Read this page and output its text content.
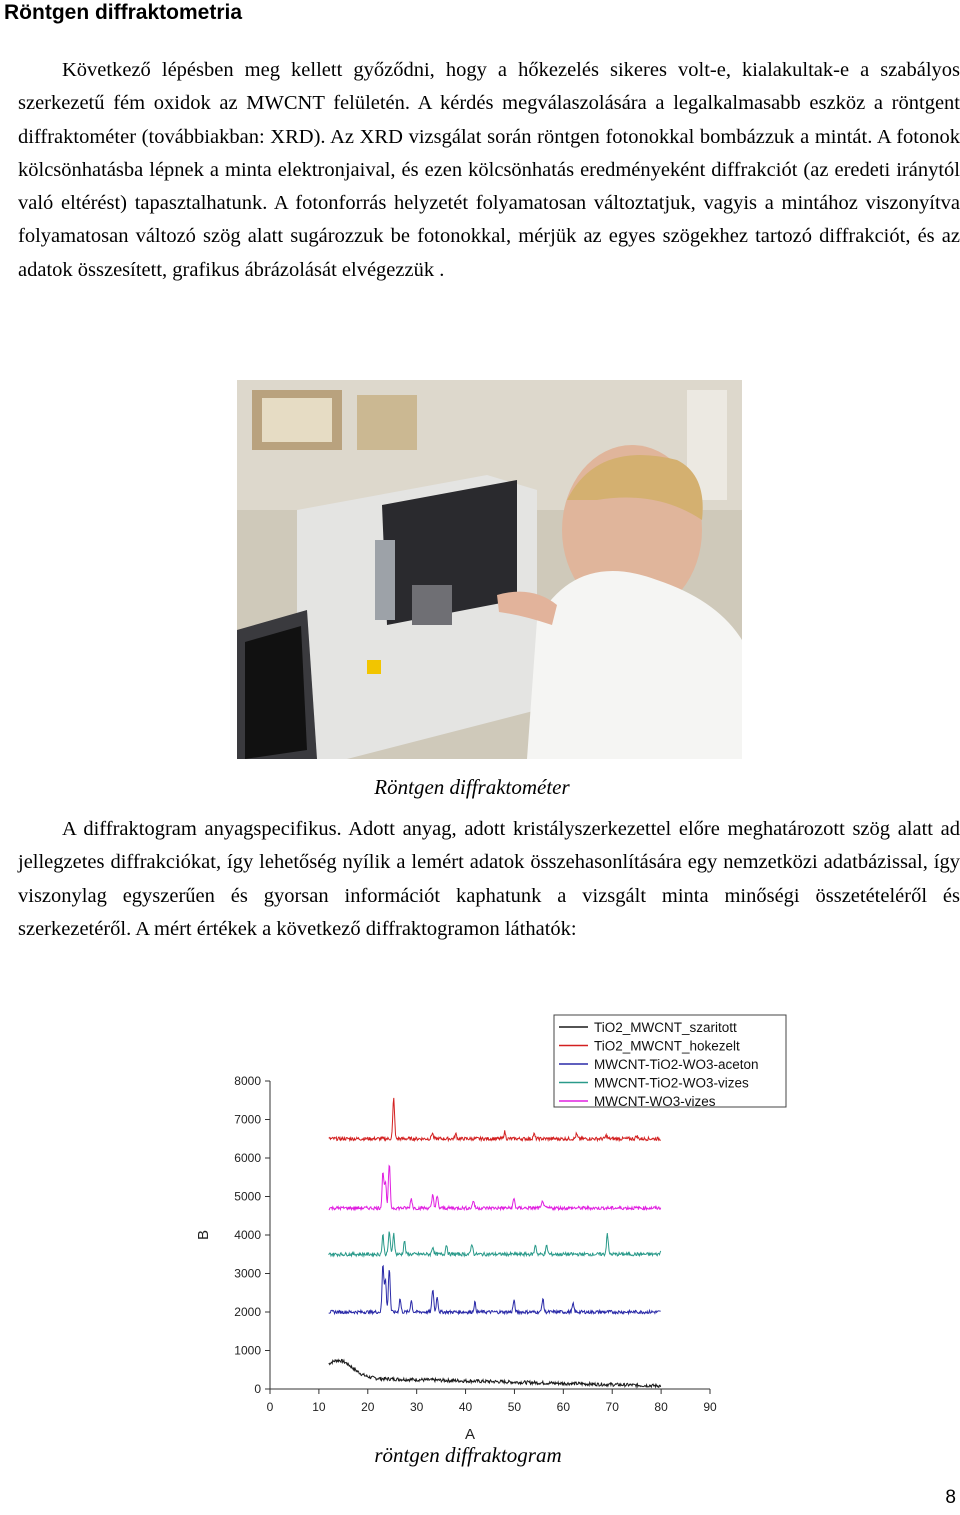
Röntgen diffraktometria

Következő lépésben meg kellett győződni, hogy a hőkezelés sikeres volt-e, kialakultak-e a szabályos szerkezetű fém oxidok az MWCNT felületén. A kérdés megválaszolására a legalkalmasabb eszköz a röntgent diffraktométer (továbbiakban: XRD). Az XRD vizsgálat során röntgen fotonokkal bombázzuk a mintát. A fotonok kölcsönhatásba lépnek a minta elektronjaival, és ezen kölcsönhatás eredményeként diffrakciót (az eredeti iránytól való eltérést) tapasztalhatunk. A fotonforrás helyzetét folyamatosan változtatjuk, vagyis a mintához viszonyítva folyamatosan változó szög alatt sugározzuk be fotonokkal, mérjük az egyes szögekhez tartozó diffrakciót, és az adatok összesített, grafikus ábrázolását elvégezzük .

Röntgen diffraktométer

A diffraktogram anyagspecifikus. Adott anyag, adott kristályszerkezettel előre meghatározott szög alatt ad jellegzetes diffrakciókat, így lehetőség nyílik a lemért adatok összehasonlítására egy nemzetközi adatbázissal, így viszonylag egyszerűen és gyorsan információt kaphatunk a vizsgált minta minőségi összetételéről és szerkezetéről. A mért értékek a következő diffraktogramon láthatók:

0	10	20	30	40	50	60	70	80	90
0
1000
2000
3000
4000
5000
6000
7000
8000
A
B
TiO2_MWCNT_szaritott
TiO2_MWCNT_hokezelt
MWCNT-TiO2-WO3-aceton
MWCNT-TiO2-WO3-vizes
MWCNT-WO3-vizes
röntgen diffraktogram
8
